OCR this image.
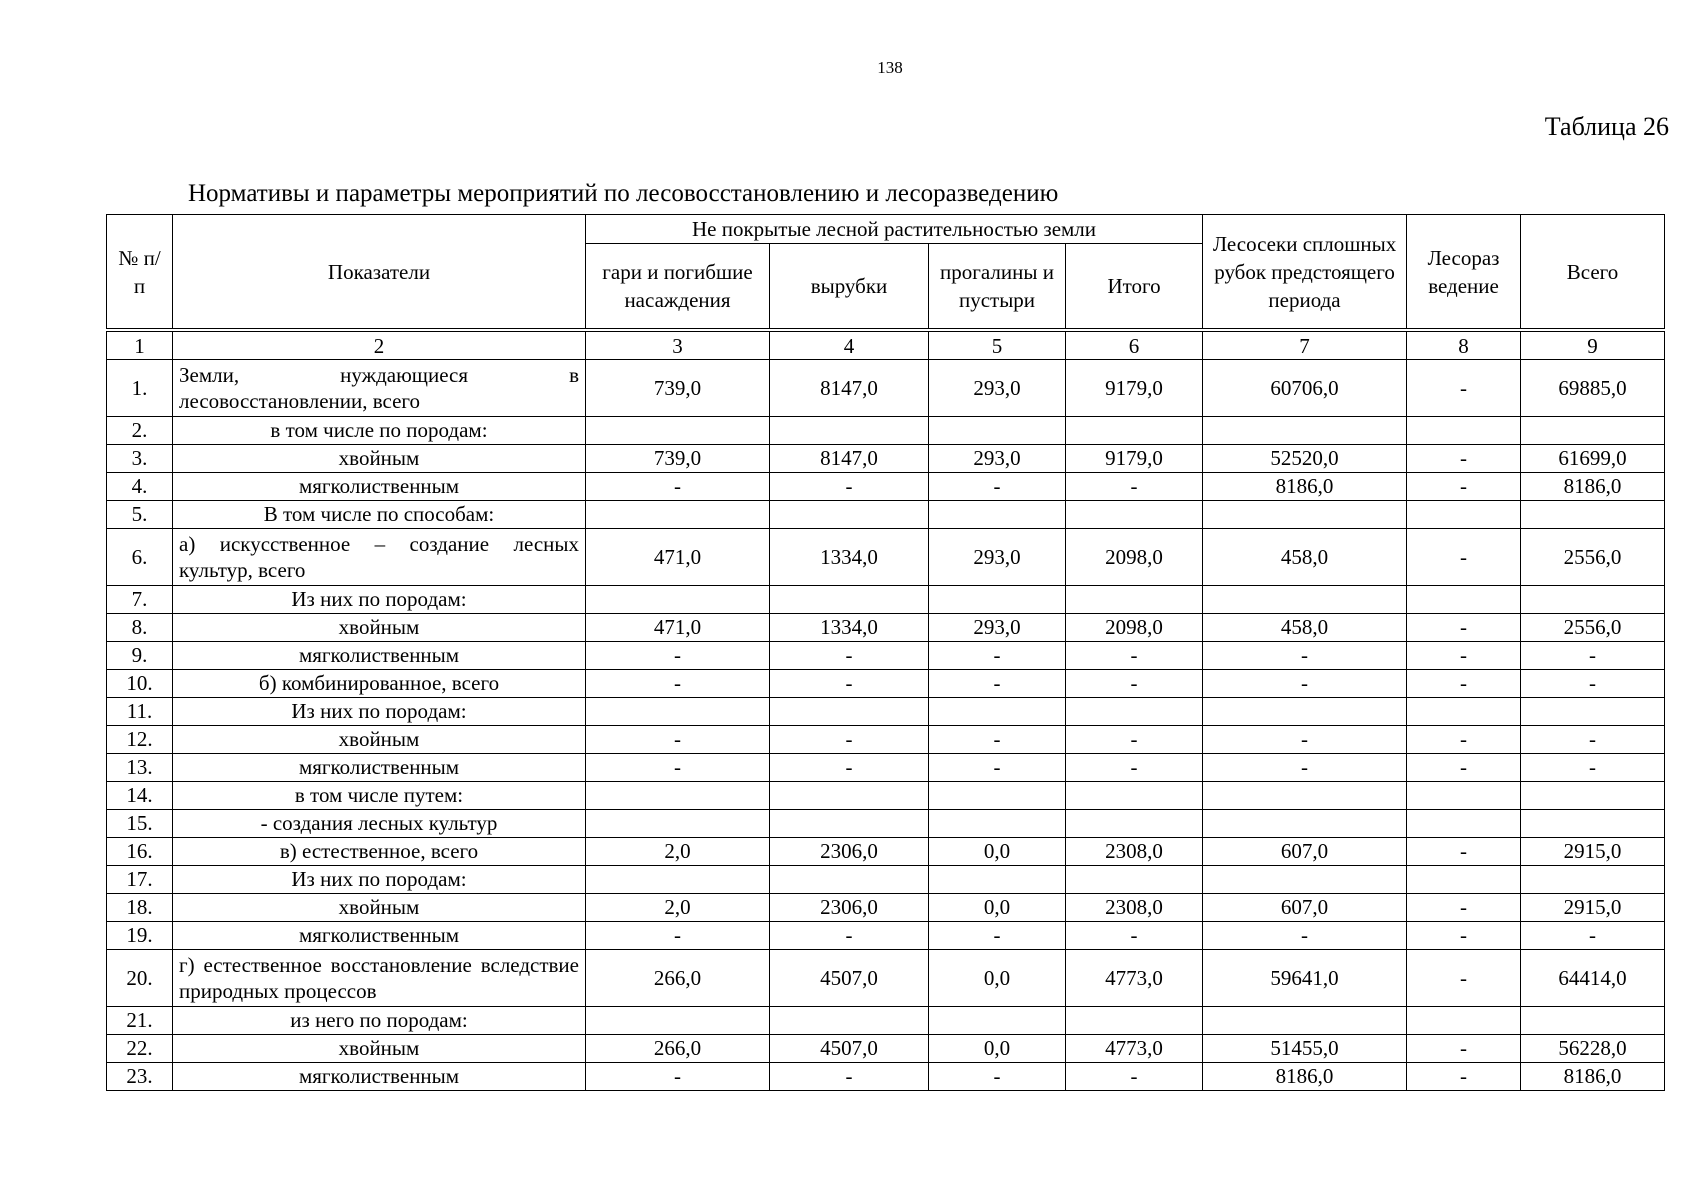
138
Таблица 26
Нормативы и параметры мероприятий по лесовосстановлению и лесоразведению
№ п/п	Показатели	Не покрытые лесной растительностью земли				Лесосеки сплошных рубок предстоящего периода	Лесораз ведение	Всего
		гари и погибшие насаждения	вырубки	прогалины и пустыри	Итого			
1	2	3	4	5	6	7	8	9
1.	Земли, нуждающиеся в лесовосстановлении, всего	739,0	8147,0	293,0	9179,0	60706,0	-	69885,0
2.	в том числе по породам:							
3.	хвойным	739,0	8147,0	293,0	9179,0	52520,0	-	61699,0
4.	мягколиственным	-	-	-	-	8186,0	-	8186,0
5.	В том числе по способам:							
6.	а) искусственное – создание лесных культур, всего	471,0	1334,0	293,0	2098,0	458,0	-	2556,0
7.	Из них по породам:							
8.	хвойным	471,0	1334,0	293,0	2098,0	458,0	-	2556,0
9.	мягколиственным	-	-	-	-	-	-	-
10.	б) комбинированное, всего	-	-	-	-	-	-	-
11.	Из них по породам:							
12.	хвойным	-	-	-	-	-	-	-
13.	мягколиственным	-	-	-	-	-	-	-
14.	в том числе путем:							
15.	- создания лесных культур							
16.	в) естественное, всего	2,0	2306,0	0,0	2308,0	607,0	-	2915,0
17.	Из них по породам:							
18.	хвойным	2,0	2306,0	0,0	2308,0	607,0	-	2915,0
19.	мягколиственным	-	-	-	-	-	-	-
20.	г) естественное восстановление вследствие природных процессов	266,0	4507,0	0,0	4773,0	59641,0	-	64414,0
21.	из него по породам:							
22.	хвойным	266,0	4507,0	0,0	4773,0	51455,0	-	56228,0
23.	мягколиственным	-	-	-	-	8186,0	-	8186,0
